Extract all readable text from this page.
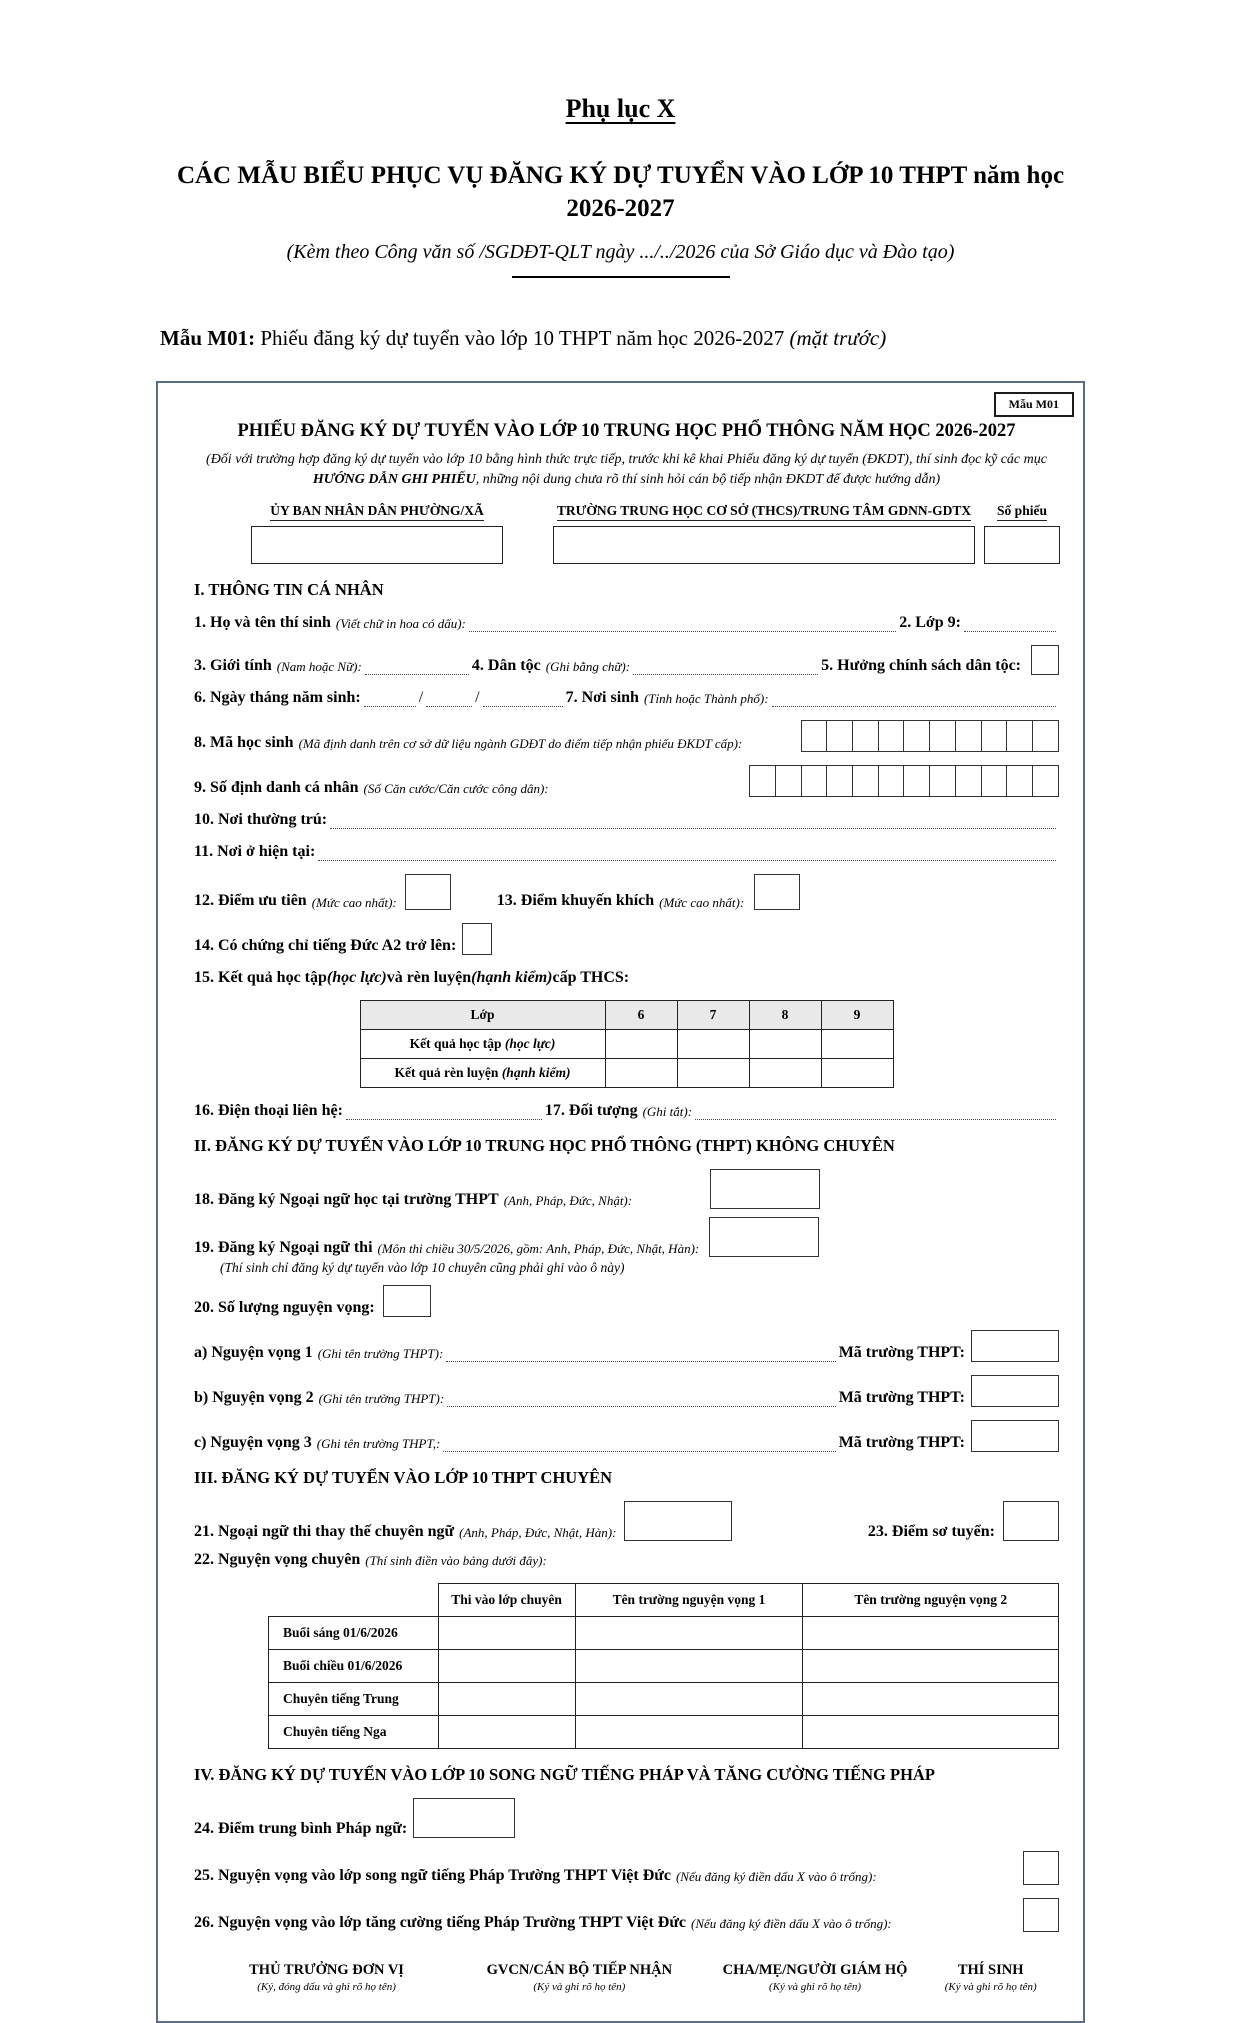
Phụ lục X
CÁC MẪU BIỂU PHỤC VỤ ĐĂNG KÝ DỰ TUYỂN VÀO LỚP 10 THPT năm học 2026-2027
(Kèm theo Công văn số /SGDĐT-QLT ngày .../../2026 của Sở Giáo dục và Đào tạo)
Mẫu M01: Phiếu đăng ký dự tuyển vào lớp 10 THPT năm học 2026-2027 (mặt trước)
Mẫu M01
PHIẾU ĐĂNG KÝ DỰ TUYỂN VÀO LỚP 10 TRUNG HỌC PHỔ THÔNG NĂM HỌC 2026-2027
(Đối với trường hợp đăng ký dự tuyển vào lớp 10 bằng hình thức trực tiếp, trước khi kê khai Phiếu đăng ký dự tuyển (ĐKDT), thí sinh đọc kỹ các mục HƯỚNG DẪN GHI PHIẾU, những nội dung chưa rõ thí sinh hỏi cán bộ tiếp nhận ĐKDT để được hướng dẫn)
ỦY BAN NHÂN DÂN PHƯỜNG/XÃ	TRƯỜNG TRUNG HỌC CƠ SỞ (THCS)/TRUNG TÂM GDNN-GDTX Số phiếu
I. THÔNG TIN CÁ NHÂN
1. Họ và tên thí sinh (Viết chữ in hoa có dấu):	2. Lớp 9:
3. Giới tính (Nam hoặc Nữ):	4. Dân tộc (Ghi bằng chữ):	5. Hưởng chính sách dân tộc:
6. Ngày tháng năm sinh:	/	/	7. Nơi sinh (Tỉnh hoặc Thành phố):
8. Mã học sinh (Mã định danh trên cơ sở dữ liệu ngành GDĐT do điểm tiếp nhận phiếu ĐKDT cấp):
9. Số định danh cá nhân (Số Căn cước/Căn cước công dân):
10. Nơi thường trú:
11. Nơi ở hiện tại:
12. Điểm ưu tiên (Mức cao nhất):	13. Điểm khuyến khích (Mức cao nhất):
14. Có chứng chỉ tiếng Đức A2 trở lên:
15. Kết quả học tập (học lực) và rèn luyện (hạnh kiểm) cấp THCS:
Lớp	6	7	8	9
Kết quả học tập (học lực)				
Kết quả rèn luyện (hạnh kiểm)				
16. Điện thoại liên hệ:	17. Đối tượng (Ghi tắt):
II. ĐĂNG KÝ DỰ TUYỂN VÀO LỚP 10 TRUNG HỌC PHỔ THÔNG (THPT) KHÔNG CHUYÊN
18. Đăng ký Ngoại ngữ học tại trường THPT (Anh, Pháp, Đức, Nhật):
19. Đăng ký Ngoại ngữ thi (Môn thi chiều 30/5/2026, gồm: Anh, Pháp, Đức, Nhật, Hàn):
(Thí sinh chỉ đăng ký dự tuyển vào lớp 10 chuyên cũng phải ghi vào ô này)
20. Số lượng nguyện vọng:
a) Nguyện vọng 1 (Ghi tên trường THPT):	Mã trường THPT:
b) Nguyện vọng 2 (Ghi tên trường THPT):	Mã trường THPT:
c) Nguyện vọng 3 (Ghi tên trường THPT,:	Mã trường THPT:
III. ĐĂNG KÝ DỰ TUYỂN VÀO LỚP 10 THPT CHUYÊN
21. Ngoại ngữ thi thay thế chuyên ngữ (Anh, Pháp, Đức, Nhật, Hàn):	23. Điểm sơ tuyển:
22. Nguyện vọng chuyên (Thí sinh điền vào bảng dưới đây):
	Thi vào lớp chuyên	Tên trường nguyện vọng 1	Tên trường nguyện vọng 2
Buổi sáng 01/6/2026			
Buổi chiều 01/6/2026			
Chuyên tiếng Trung			
Chuyên tiếng Nga			
IV. ĐĂNG KÝ DỰ TUYỂN VÀO LỚP 10 SONG NGỮ TIẾNG PHÁP VÀ TĂNG CƯỜNG TIẾNG PHÁP
24. Điểm trung bình Pháp ngữ:
25. Nguyện vọng vào lớp song ngữ tiếng Pháp Trường THPT Việt Đức (Nếu đăng ký điền dấu X vào ô trống):
26. Nguyện vọng vào lớp tăng cường tiếng Pháp Trường THPT Việt Đức (Nếu đăng ký điền dấu X vào ô trống):
THỦ TRƯỞNG ĐƠN VỊ
(Ký, đóng dấu và ghi rõ họ tên)
GVCN/CÁN BỘ TIẾP NHẬN
(Ký và ghi rõ họ tên)
CHA/MẸ/NGƯỜI GIÁM HỘ
(Ký và ghi rõ họ tên)
THÍ SINH
(Ký và ghi rõ họ tên)
